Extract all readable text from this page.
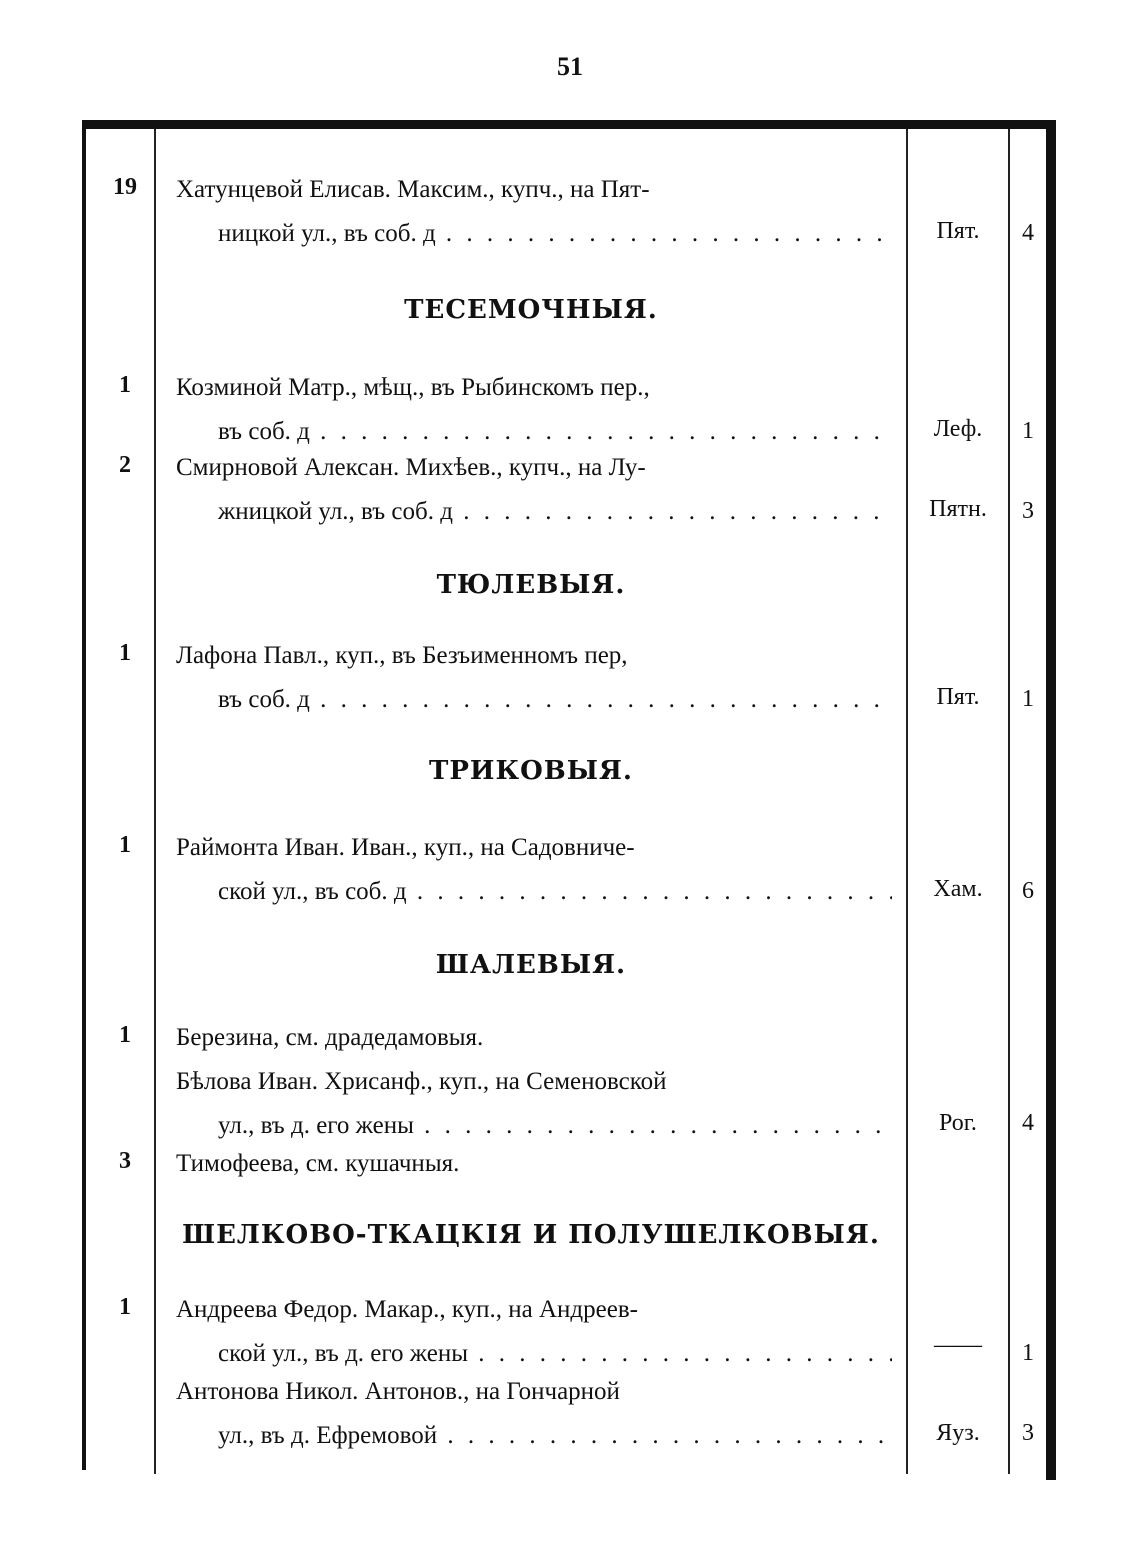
51
19	Хатунцевой Елисав. Максим., купч., на Пят-
ницкой ул., въ соб. д . . .	Пят.	4
ТЕСЕМОЧНЫЯ.
1	Козминой Матр., мѣщ., въ Рыбинскомъ пер.,
въ соб. д . . .	Леф.	1
2	Смирновой Алексан. Михѣев., купч., на Лу-
жницкой ул., въ соб. д . . .	Пятн.	3
ТЮЛЕВЫЯ.
1	Лафона Павл., куп., въ Безъименномъ пер,
въ соб. д . . .	Пят.	1
ТРИКОВЫЯ.
1	Раймонта Иван. Иван., куп., на Садовниче-
ской ул., въ соб. д . . .	Хам.	6
ШАЛЕВЫЯ.
1	Березина, см. драдедамовыя.
Бѣлова Иван. Хрисанф., куп., на Семеновской
ул., въ д. его жены . . .	Рог.	4
3	Тимофеева, см. кушачныя.
ШЕЛКОВО-ТКАЦКІЯ И ПОЛУШЕЛКОВЫЯ.
1	Андреева Федор. Макар., куп., на Андреев-
ской ул., въ д. его жены . . .	——	1
Антонова Никол. Антонов., на Гончарной
ул., въ д. Ефремовой . . .	Яуз.	3
